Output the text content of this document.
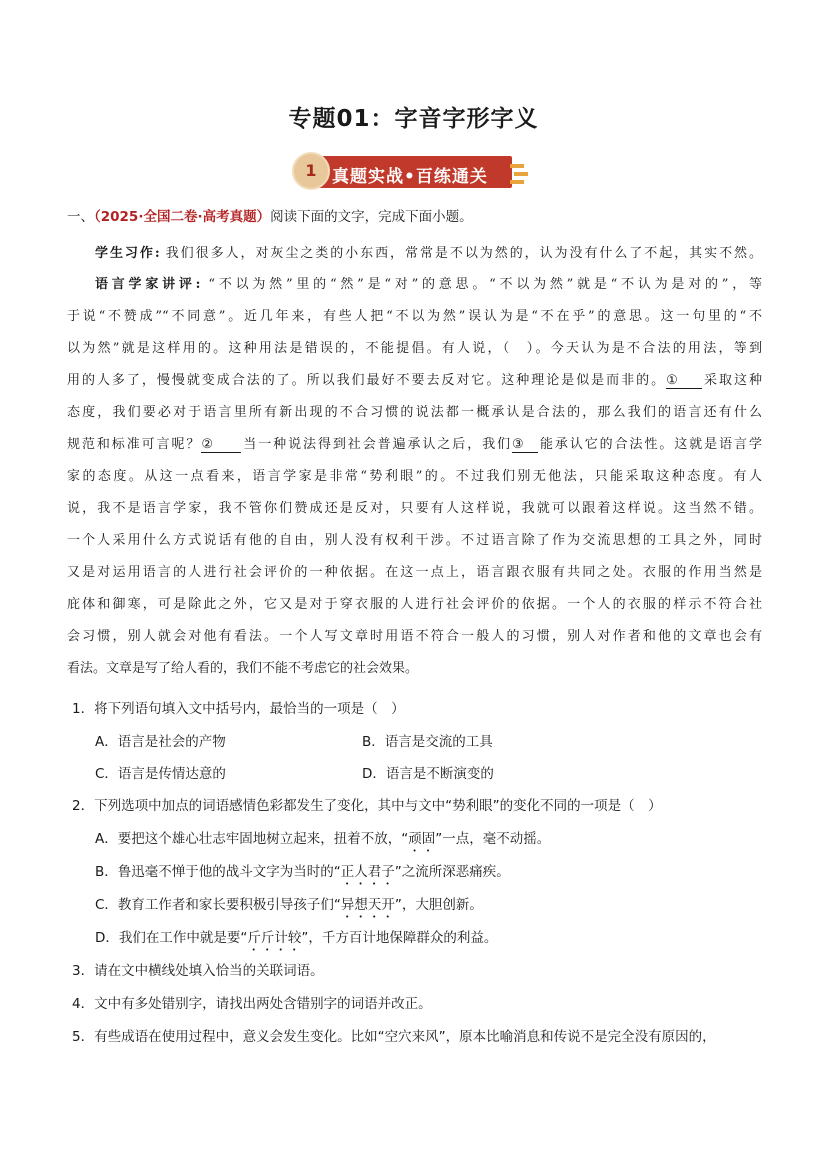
专题01：字音字形字义
真题实战•百练通关
1
一、（2025·全国二卷·高考真题）阅读下面的文字，完成下面小题。
学生习作: 我们很多人，对灰尘之类的小东西，常常是不以为然的，认为没有什么了不起，其实不然。
语言学家讲评: “不以为然”里的“然”是“对”的意思。“不以为然”就是“不认为是对的”，等
于说“不赞成”“不同意”。近几年来，有些人把“不以为然”误认为是“不在乎”的意思。这一句里的“不
以为然”就是这样用的。这种用法是错误的，不能提倡。有人说，（　）。今天认为是不合法的用法，等到
用的人多了，慢慢就变成合法的了。所以我们最好不要去反对它。这种理论是似是而非的。① 采取这种
态度，我们要必对于语言里所有新出现的不合习惯的说法都一概承认是合法的，那么我们的语言还有什么
规范和标准可言呢？② 当一种说法得到社会普遍承认之后，我们③ 能承认它的合法性。这就是语言学
家的态度。从这一点看来，语言学家是非常“势利眼”的。不过我们别无他法，只能采取这种态度。有人
说，我不是语言学家，我不管你们赞成还是反对，只要有人这样说，我就可以跟着这样说。这当然不错。
一个人采用什么方式说话有他的自由，别人没有权利干涉。不过语言除了作为交流思想的工具之外，同时
又是对运用语言的人进行社会评价的一种依据。在这一点上，语言跟衣服有共同之处。衣服的作用当然是
庇体和御寒，可是除此之外，它又是对于穿衣服的人进行社会评价的依据。一个人的衣服的样示不符合社
会习惯，别人就会对他有看法。一个人写文章时用语不符合一般人的习惯，别人对作者和他的文章也会有
看法。文章是写了给人看的，我们不能不考虑它的社会效果。
1．将下列语句填入文中括号内，最恰当的一项是（　）
A．语言是社会的产物	B．语言是交流的工具
C．语言是传情达意的	D．语言是不断演变的
2．下列选项中加点的词语感情色彩都发生了变化，其中与文中“势利眼”的变化不同的一项是（　）
A．要把这个雄心壮志牢固地树立起来，扭着不放，“顽固”一点，毫不动摇。
B．鲁迅毫不惮于他的战斗文字为当时的“正人君子”之流所深恶痛疾。
C．教育工作者和家长要积极引导孩子们“异想天开”，大胆创新。
D．我们在工作中就是要“斤斤计较”，千方百计地保障群众的利益。
3．请在文中横线处填入恰当的关联词语。
4．文中有多处错别字，请找出两处含错别字的词语并改正。
5．有些成语在使用过程中，意义会发生变化。比如“空穴来风”，原本比喻消息和传说不是完全没有原因的，
